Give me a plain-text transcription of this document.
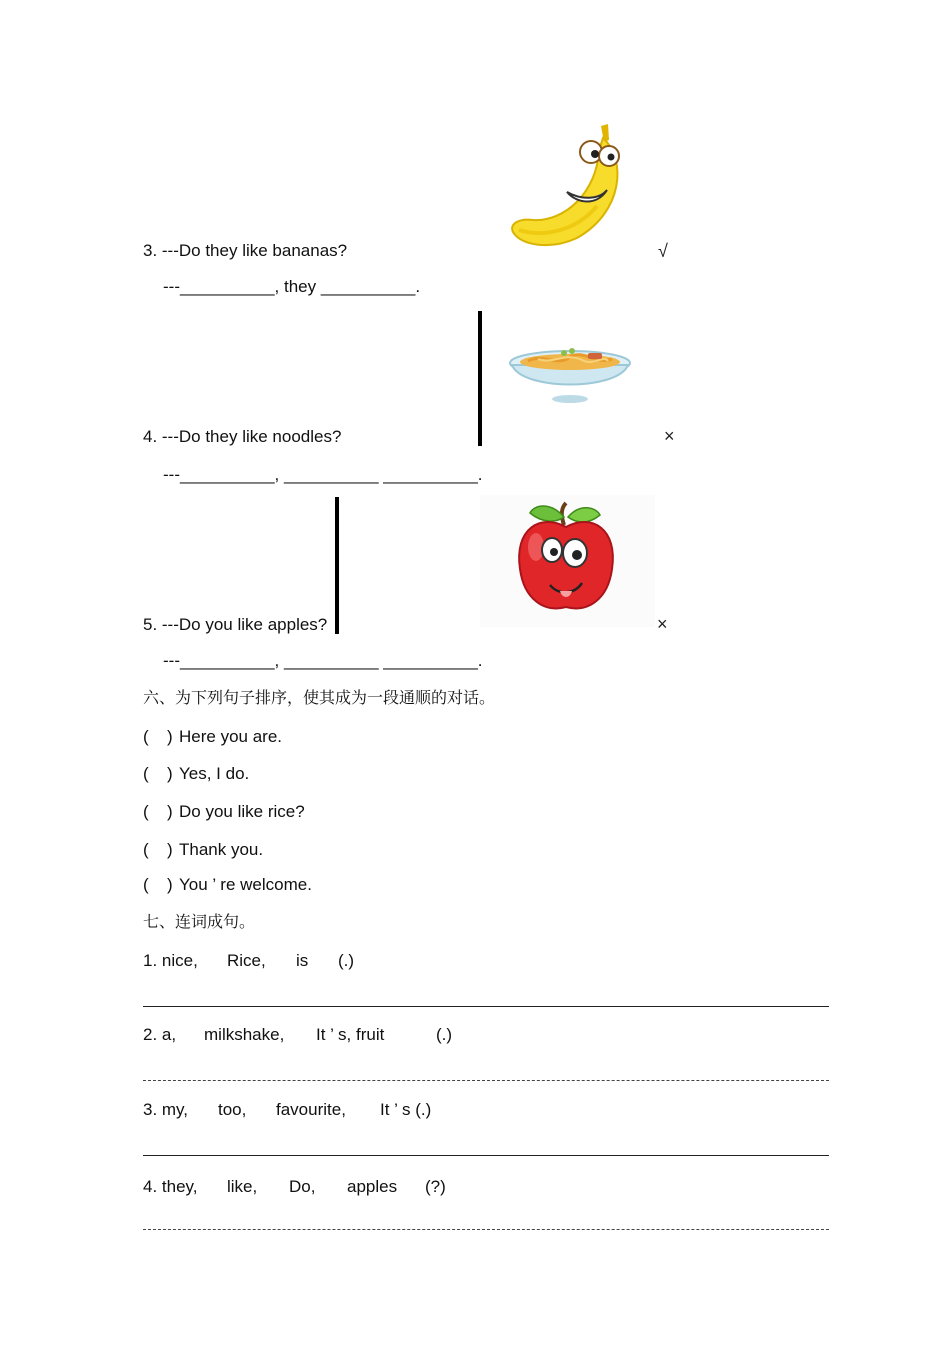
3. ---Do they like bananas?	√
---__________, they __________.
4. ---Do they like noodles?	×
---__________, __________ __________.
5. ---Do you like apples?	×
---__________, __________ __________.
六、为下列句子排序，使其成为一段通顺的对话。
( ) Here you are.
( ) Yes, I do.
( ) Do you like rice?
( ) Thank you.
( ) You ’ re welcome.
七、连词成句。
1. nice, Rice, is (.)
2. a, milkshake, It ’ s, fruit	(.)
3. my, too, favourite, It ’ s (.)
4. they, like, Do, apples (?)
